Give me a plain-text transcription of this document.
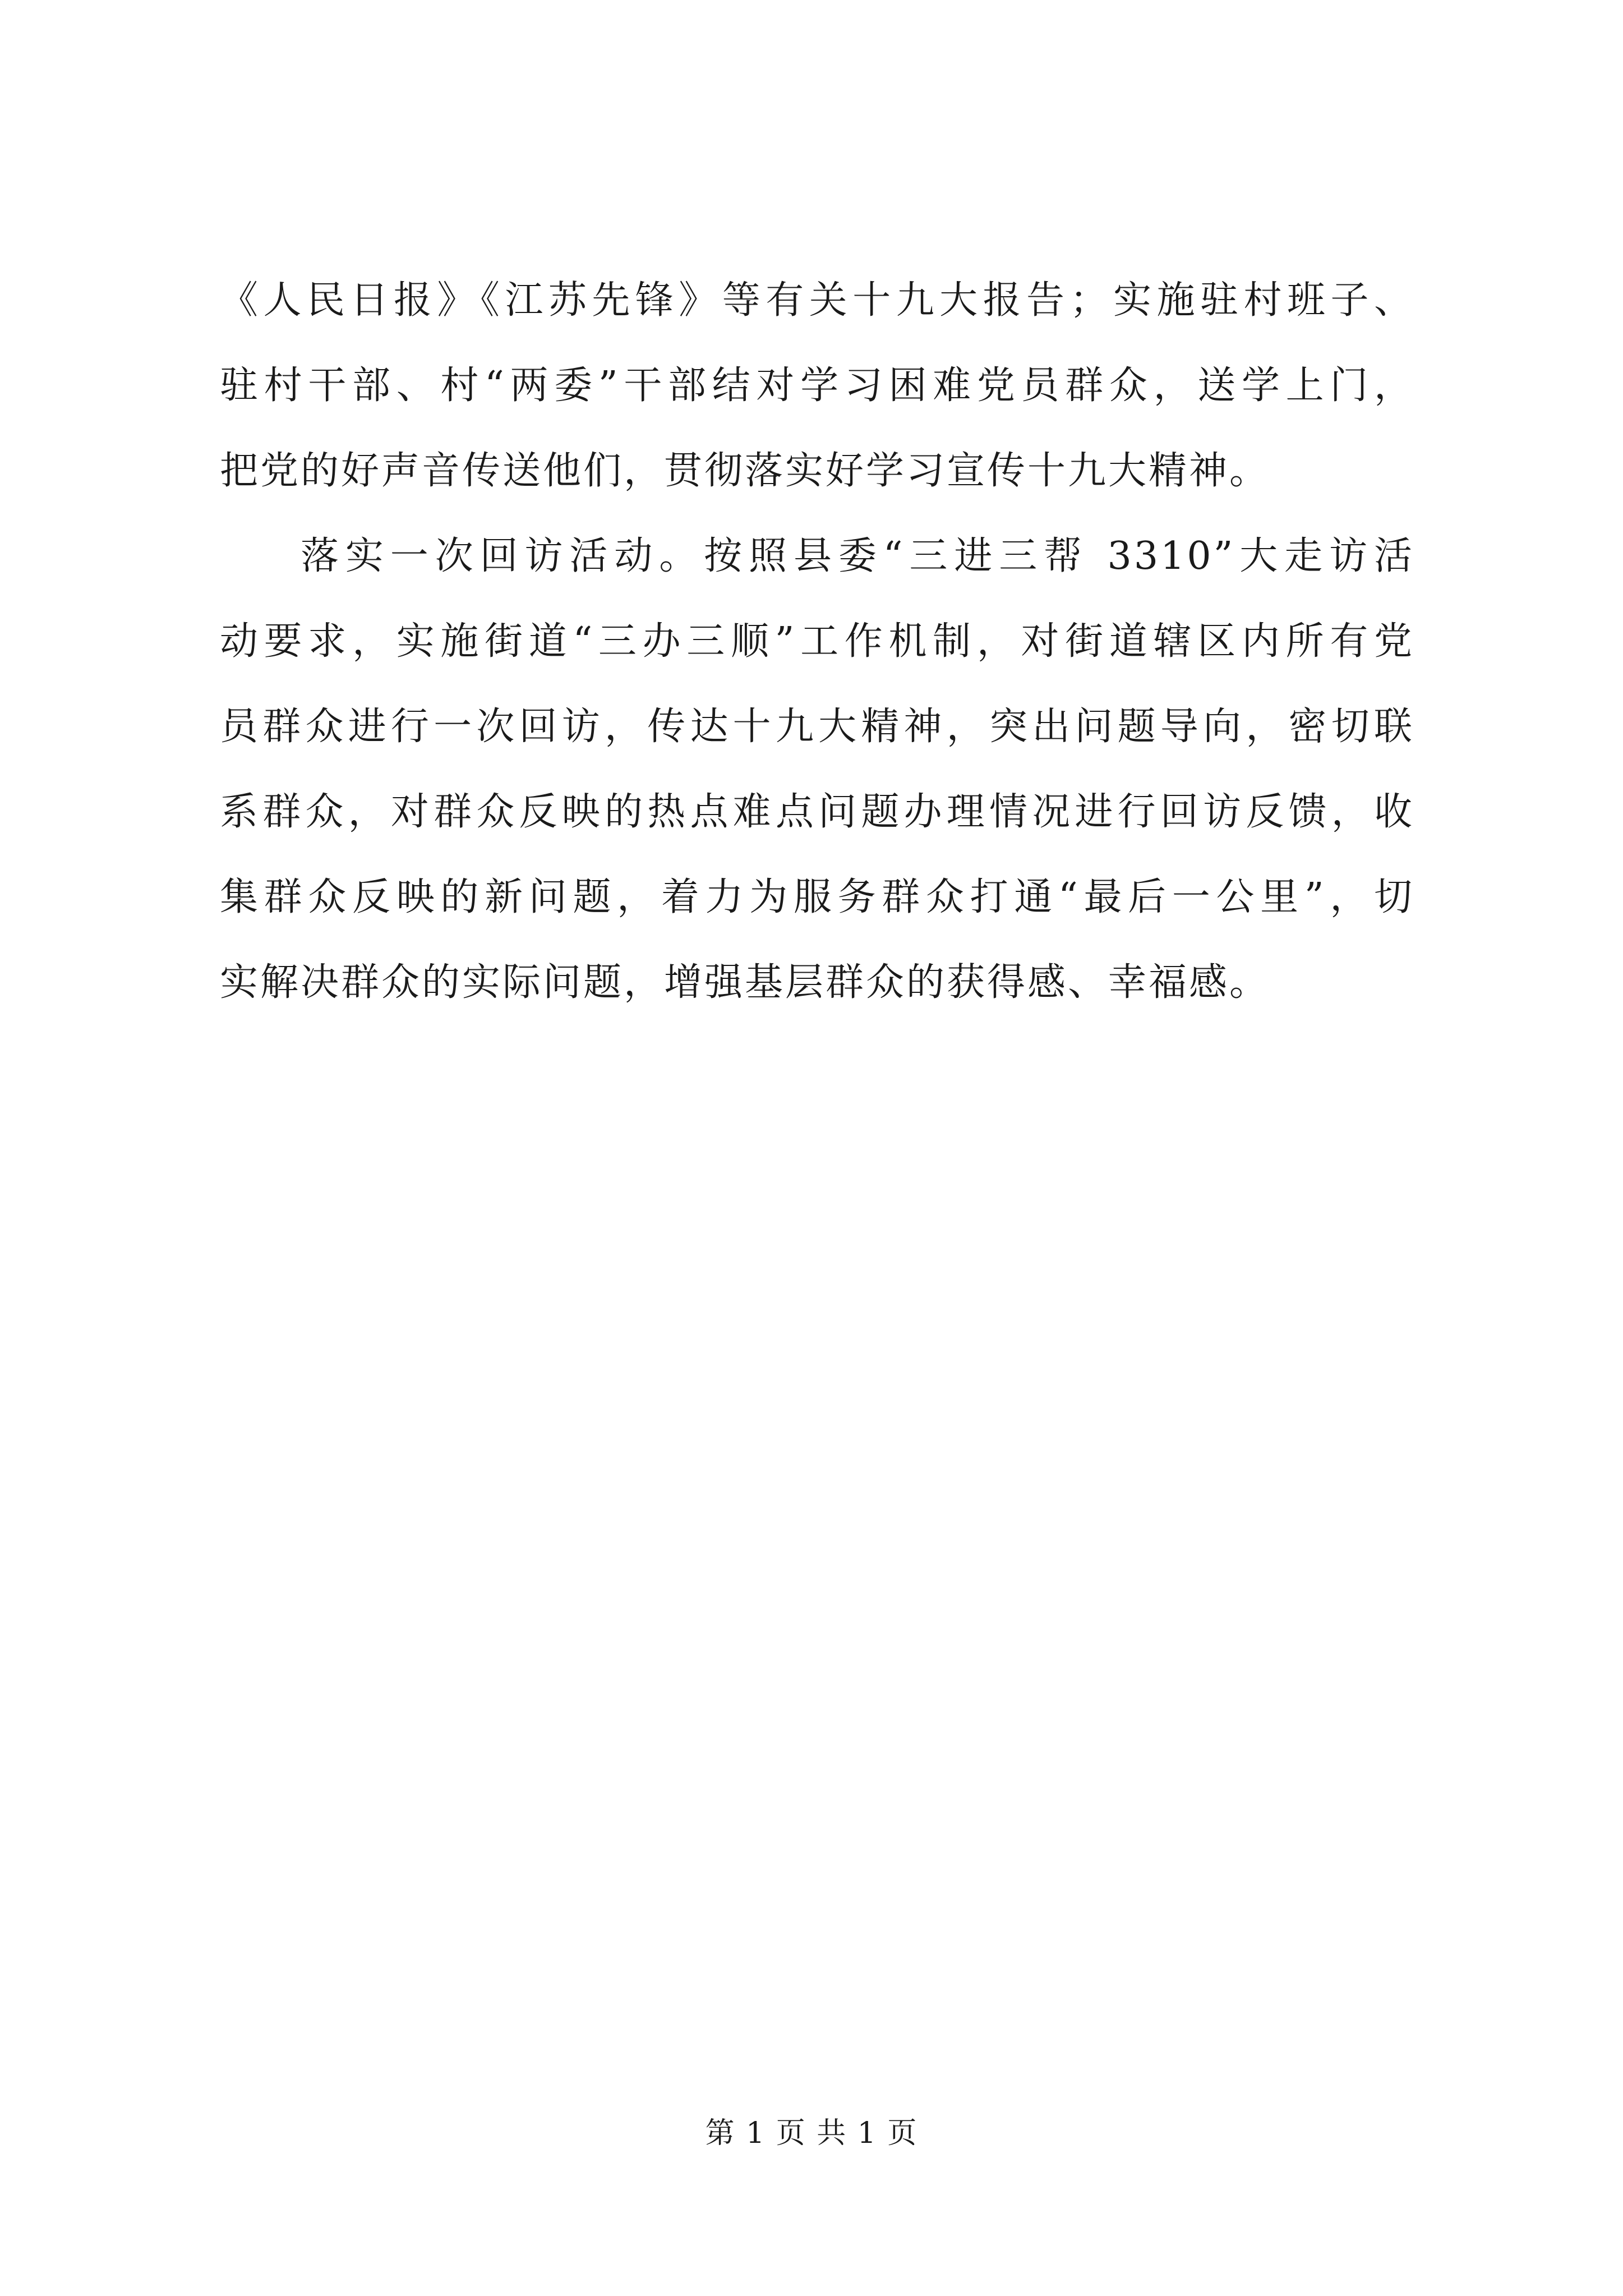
《人民日报》《江苏先锋》等有关十九大报告；实施驻村班子、
驻村干部、村“两委”干部结对学习困难党员群众，送学上门，
把党的好声音传送他们，贯彻落实好学习宣传十九大精神。
落实一次回访活动。按照县委“三进三帮 3310”大走访活
动要求，实施街道“三办三顺”工作机制，对街道辖区内所有党
员群众进行一次回访，传达十九大精神，突出问题导向，密切联
系群众，对群众反映的热点难点问题办理情况进行回访反馈，收
集群众反映的新问题，着力为服务群众打通“最后一公里”，切
实解决群众的实际问题，增强基层群众的获得感、幸福感。
第 1 页 共 1 页
